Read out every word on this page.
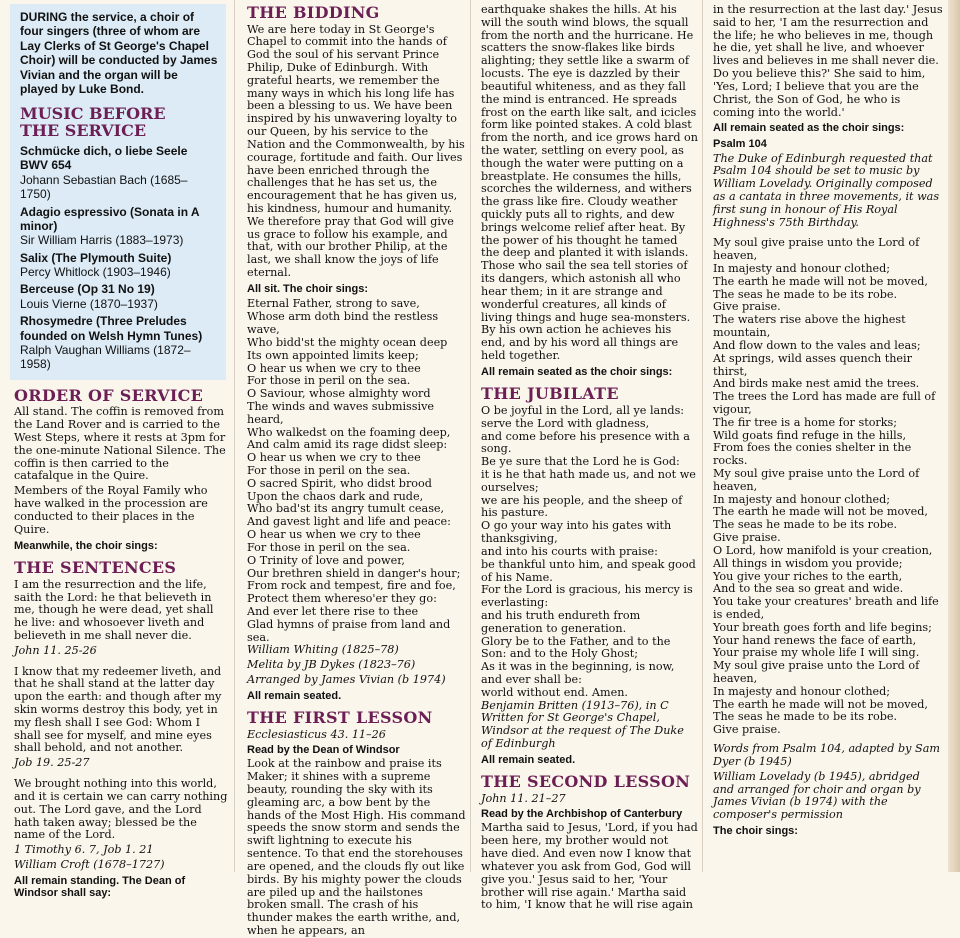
DURING the service, a choir of four singers (three of whom are Lay Clerks of St George's Chapel Choir) will be conducted by James Vivian and the organ will be played by Luke Bond.

MUSIC BEFORE
THE SERVICE
Schmücke dich, o liebe Seele BWV 654
Johann Sebastian Bach (1685–1750)
Adagio espressivo (Sonata in A minor)
Sir William Harris (1883–1973)
Salix (The Plymouth Suite)
Percy Whitlock (1903–1946)
Berceuse (Op 31 No 19)
Louis Vierne (1870–1937)
Rhosymedre (Three Preludes founded on Welsh Hymn Tunes)
Ralph Vaughan Williams (1872–1958)
ORDER OF SERVICE

All stand. The coffin is removed from the Land Rover and is carried to the West Steps, where it rests at 3pm for the one-minute National Silence. The coffin is then carried to the catafalque in the Quire.

Members of the Royal Family who have walked in the procession are conducted to their places in the Quire.

Meanwhile, the choir sings:
THE SENTENCES

I am the resurrection and the life, saith the Lord: he that believeth in me, though he were dead, yet shall he live: and whosoever liveth and believeth in me shall never die.

John 11. 25-26

I know that my redeemer liveth, and that he shall stand at the latter day upon the earth: and though after my skin worms destroy this body, yet in my flesh shall I see God: Whom I shall see for myself, and mine eyes shall behold, and not another.

Job 19. 25-27

We brought nothing into this world, and it is certain we can carry nothing out. The Lord gave, and the Lord hath taken away; blessed be the name of the Lord.

1 Timothy 6. 7, Job 1. 21

William Croft (1678–1727)

All remain standing. The Dean of Windsor shall say:
THE BIDDING

We are here today in St George's Chapel to commit into the hands of God the soul of his servant Prince Philip, Duke of Edinburgh. With grateful hearts, we remember the many ways in which his long life has been a blessing to us. We have been inspired by his unwavering loyalty to our Queen, by his service to the Nation and the Commonwealth, by his courage, fortitude and faith. Our lives have been enriched through the challenges that he has set us, the encouragement that he has given us, his kindness, humour and humanity. We therefore pray that God will give us grace to follow his example, and that, with our brother Philip, at the last, we shall know the joys of life eternal.

All sit. The choir sings:
Eternal Father, strong to save,
Whose arm doth bind the restless wave,
Who bidd'st the mighty ocean deep
Its own appointed limits keep;
O hear us when we cry to thee
For those in peril on the sea.
O Saviour, whose almighty word
The winds and waves submissive heard,
Who walkedst on the foaming deep,
And calm amid its rage didst sleep:
O hear us when we cry to thee
For those in peril on the sea.
O sacred Spirit, who didst brood
Upon the chaos dark and rude,
Who bad'st its angry tumult cease,
And gavest light and life and peace:
O hear us when we cry to thee
For those in peril on the sea.
O Trinity of love and power,
Our brethren shield in danger's hour;
From rock and tempest, fire and foe,
Protect them whereso'er they go:
And ever let there rise to thee
Glad hymns of praise from land and sea.

William Whiting (1825–78)

Melita by JB Dykes (1823–76)

Arranged by James Vivian (b 1974)

All remain seated.
THE FIRST LESSON

Ecclesiasticus 43. 11–26

Read by the Dean of Windsor

Look at the rainbow and praise its Maker; it shines with a supreme beauty, rounding the sky with its gleaming arc, a bow bent by the hands of the Most High. His command speeds the snow storm and sends the swift lightning to execute his sentence. To that end the storehouses are opened, and the clouds fly out like birds. By his mighty power the clouds are piled up and the hailstones broken small. The crash of his thunder makes the earth writhe, and, when he appears, an

earthquake shakes the hills. At his will the south wind blows, the squall from the north and the hurricane. He scatters the snow-flakes like birds alighting; they settle like a swarm of locusts. The eye is dazzled by their beautiful whiteness, and as they fall the mind is entranced. He spreads frost on the earth like salt, and icicles form like pointed stakes. A cold blast from the north, and ice grows hard on the water, settling on every pool, as though the water were putting on a breastplate. He consumes the hills, scorches the wilderness, and withers the grass like fire. Cloudy weather quickly puts all to rights, and dew brings welcome relief after heat. By the power of his thought he tamed the deep and planted it with islands. Those who sail the sea tell stories of its dangers, which astonish all who hear them; in it are strange and wonderful creatures, all kinds of living things and huge sea-monsters. By his own action he achieves his end, and by his word all things are held together.

All remain seated as the choir sings:
THE JUBILATE
O be joyful in the Lord, all ye lands:
serve the Lord with gladness,
and come before his presence with a song.
Be ye sure that the Lord he is God:
it is he that hath made us, and not we ourselves;
we are his people, and the sheep of his pasture.
O go your way into his gates with thanksgiving,
and into his courts with praise:
be thankful unto him, and speak good of his Name.
For the Lord is gracious, his mercy is everlasting:
and his truth endureth from generation to generation.
Glory be to the Father, and to the Son: and to the Holy Ghost;
As it was in the beginning, is now, and ever shall be:
world without end. Amen.

Benjamin Britten (1913–76), in C Written for St George's Chapel, Windsor at the request of The Duke of Edinburgh

All remain seated.
THE SECOND LESSON

John 11. 21–27

Read by the Archbishop of Canterbury

Martha said to Jesus, 'Lord, if you had been here, my brother would not have died. And even now I know that whatever you ask from God, God will give you.' Jesus said to her, 'Your brother will rise again.' Martha said to him, 'I know that he will rise again

in the resurrection at the last day.' Jesus said to her, 'I am the resurrection and the life; he who believes in me, though he die, yet shall he live, and whoever lives and believes in me shall never die. Do you believe this?' She said to him, 'Yes, Lord; I believe that you are the Christ, the Son of God, he who is coming into the world.'

All remain seated as the choir sings:

Psalm 104

The Duke of Edinburgh requested that Psalm 104 should be set to music by William Lovelady. Originally composed as a cantata in three movements, it was first sung in honour of His Royal Highness's 75th Birthday.

My soul give praise unto the Lord of heaven,
In majesty and honour clothed;
The earth he made will not be moved,
The seas he made to be its robe.
Give praise.
The waters rise above the highest mountain,
And flow down to the vales and leas;
At springs, wild asses quench their thirst,
And birds make nest amid the trees.
The trees the Lord has made are full of vigour,
The fir tree is a home for storks;
Wild goats find refuge in the hills,
From foes the conies shelter in the rocks.
My soul give praise unto the Lord of heaven,
In majesty and honour clothed;
The earth he made will not be moved,
The seas he made to be its robe.
Give praise.
O Lord, how manifold is your creation,
All things in wisdom you provide;
You give your riches to the earth,
And to the sea so great and wide.
You take your creatures' breath and life is ended,
Your breath goes forth and life begins;
Your hand renews the face of earth,
Your praise my whole life I will sing.
My soul give praise unto the Lord of heaven,
In majesty and honour clothed;
The earth he made will not be moved,
The seas he made to be its robe.
Give praise.

Words from Psalm 104, adapted by Sam Dyer (b 1945)

William Lovelady (b 1945), abridged and arranged for choir and organ by James Vivian (b 1974) with the composer's permission

The choir sings:
